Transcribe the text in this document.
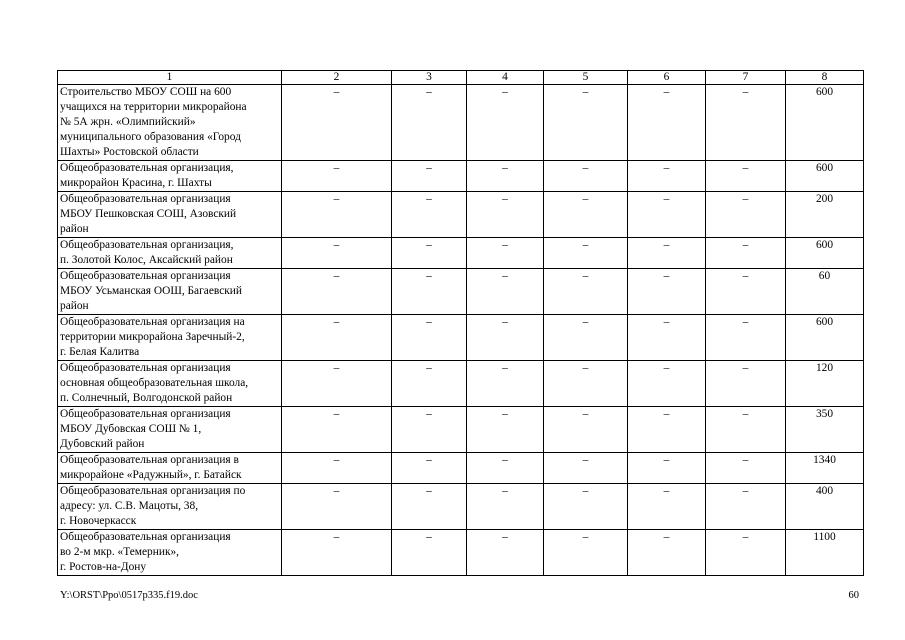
1	2	3	4	5	6	7	8
Строительство МБОУ СОШ на 600
учащихся на территории микрорайона
№ 5А жрн. «Олимпийский»
муниципального образования «Город
Шахты» Ростовской области	–	–	–	–	–	–	600
Общеобразовательная организация,
микрорайон Красина, г. Шахты	–	–	–	–	–	–	600
Общеобразовательная организация
МБОУ Пешковская СОШ, Азовский
район	–	–	–	–	–	–	200
Общеобразовательная организация,
п. Золотой Колос, Аксайский район	–	–	–	–	–	–	600
Общеобразовательная организация
МБОУ Усьманская ООШ, Багаевский
район	–	–	–	–	–	–	60
Общеобразовательная организация на
территории микрорайона Заречный-2,
г. Белая Калитва	–	–	–	–	–	–	600
Общеобразовательная организация
основная общеобразовательная школа,
п. Солнечный, Волгодонской район	–	–	–	–	–	–	120
Общеобразовательная организация
МБОУ Дубовская СОШ № 1,
Дубовский район	–	–	–	–	–	–	350
Общеобразовательная организация в
микрорайоне «Радужный», г. Батайск	–	–	–	–	–	–	1340
Общеобразовательная организация по
адресу: ул. С.В. Мацоты, 38,
г. Новочеркасск	–	–	–	–	–	–	400
Общеобразовательная организация
во 2-м мкр. «Темерник»,
г. Ростов-на-Дону	–	–	–	–	–	–	1100
Y:\ORST\Ppo\0517p335.f19.doc	60
